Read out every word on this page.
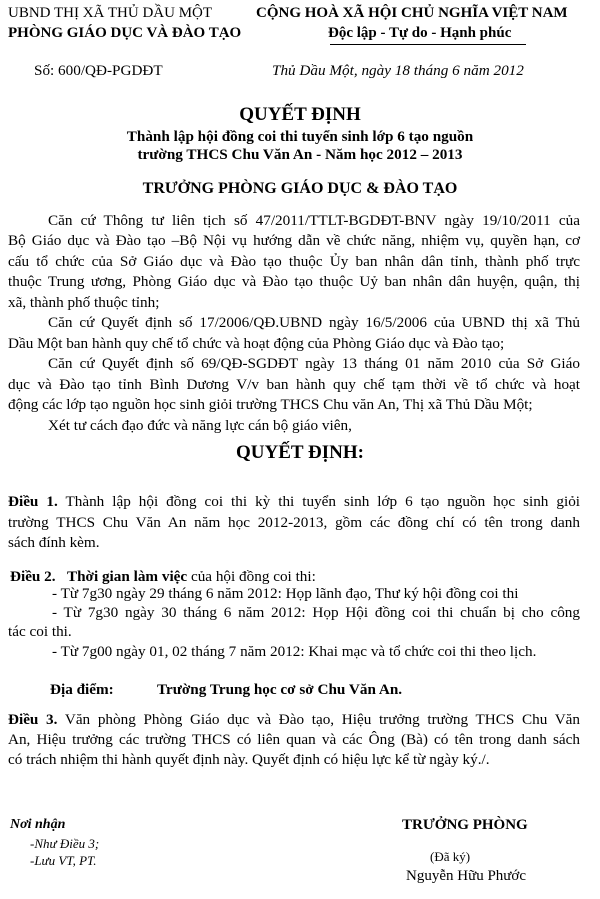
UBND THỊ XÃ THỦ DẦU MỘT
PHÒNG GIÁO DỤC VÀ ĐÀO TẠO
CỘNG HOÀ XÃ HỘI CHỦ NGHĨA VIỆT NAM
Độc lập - Tự do - Hạnh phúc
Số: 600/QĐ-PGDĐT	Thủ Dầu Một, ngày 18 tháng 6 năm 2012
QUYẾT ĐỊNH
Thành lập hội đồng coi thi tuyển sinh lớp 6 tạo nguồn
trường THCS Chu Văn An - Năm học 2012 – 2013
TRƯỞNG PHÒNG GIÁO DỤC & ĐÀO TẠO
Căn cứ Thông tư liên tịch số 47/2011/TTLT-BGDĐT-BNV ngày 19/10/2011 của
Bộ Giáo dục và Đào tạo –Bộ Nội vụ hướng dẫn về chức năng, nhiệm vụ, quyền hạn, cơ
cấu tổ chức của Sở Giáo dục và Đào tạo thuộc Ủy ban nhân dân tỉnh, thành phố trực
thuộc Trung ương, Phòng Giáo dục và Đào tạo thuộc Uỷ ban nhân dân huyện, quận, thị
xã, thành phố thuộc tỉnh;
Căn cứ Quyết định số 17/2006/QĐ.UBND ngày 16/5/2006 của UBND thị xã Thủ
Dầu Một ban hành quy chế tổ chức và hoạt động của Phòng Giáo dục và Đào tạo;
Căn cứ Quyết định số 69/QĐ-SGDĐT ngày 13 tháng 01 năm 2010 của Sở Giáo
dục và Đào tạo tỉnh Bình Dương V/v ban hành quy chế tạm thời về tổ chức và hoạt
động các lớp tạo nguồn học sinh giỏi trường THCS Chu văn An, Thị xã Thủ Dầu Một;
Xét tư cách đạo đức và năng lực cán bộ giáo viên,
QUYẾT ĐỊNH:
Điều 1. Thành lập hội đồng coi thi kỳ thi tuyển sinh lớp 6 tạo nguồn học sinh giỏi
trường THCS Chu Văn An năm học 2012-2013, gồm các đồng chí có tên trong danh
sách đính kèm.
Điều 2. Thời gian làm việc của hội đồng coi thi:
- Từ 7g30 ngày 29 tháng 6 năm 2012: Họp lãnh đạo, Thư ký hội đồng coi thi
- Từ 7g30 ngày 30 tháng 6 năm 2012: Họp Hội đồng coi thi chuẩn bị cho công
tác coi thi.
- Từ 7g00 ngày 01, 02 tháng 7 năm 2012: Khai mạc và tổ chức coi thi theo lịch.
Địa điểm:	Trường Trung học cơ sở Chu Văn An.
Điều 3. Văn phòng Phòng Giáo dục và Đào tạo, Hiệu trưởng trường THCS Chu Văn
An, Hiệu trưởng các trường THCS có liên quan và các Ông (Bà) có tên trong danh sách
có trách nhiệm thi hành quyết định này. Quyết định có hiệu lực kể từ ngày ký./.
Nơi nhận
-Như Điều 3;
-Lưu VT, PT.
TRƯỞNG PHÒNG
(Đã ký)
Nguyễn Hữu Phước
